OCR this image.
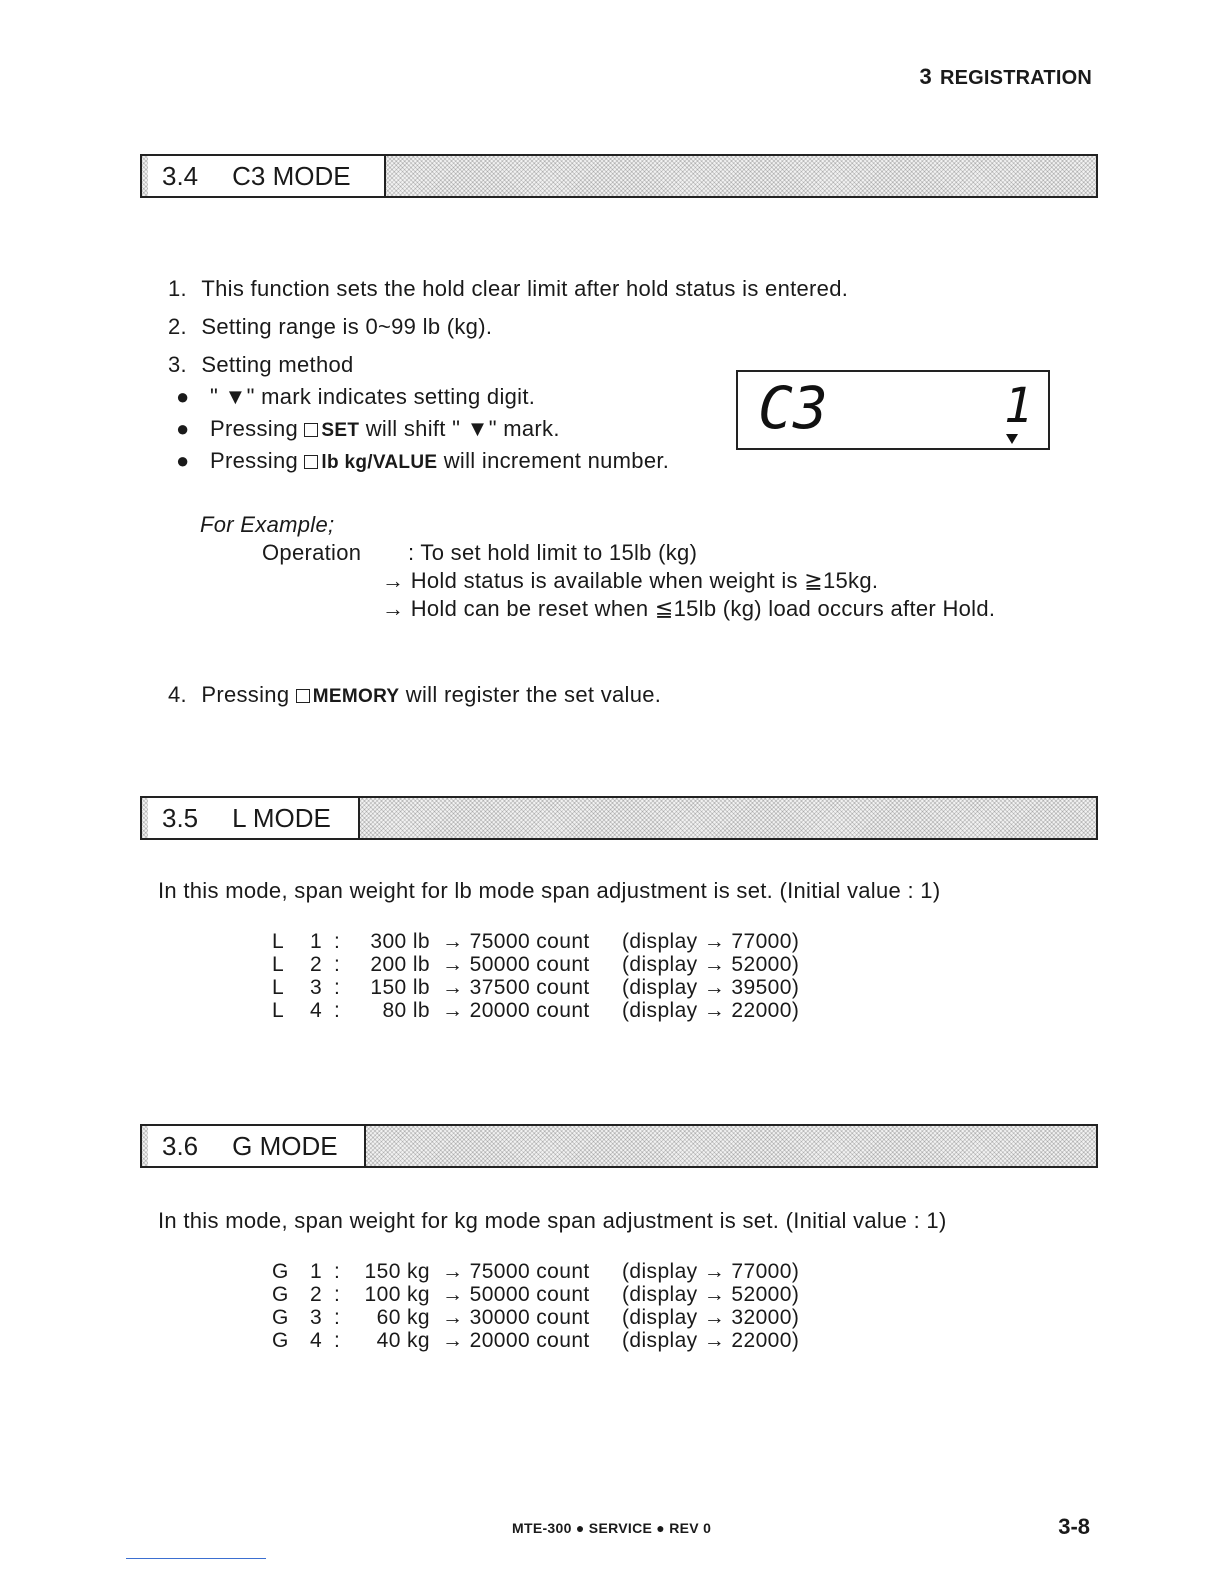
3 REGISTRATION
3.4 C3 MODE
1. This function sets the hold clear limit after hold status is entered.
2. Setting range is 0~99 lb (kg).
3. Setting method
● " ▼" mark indicates setting digit.
● Pressing SET will shift " ▼" mark.
● Pressing lb kg/VALUE will increment number.
C3	1
For Example;
Operation : To set hold limit to 15lb (kg)
→ Hold status is available when weight is ≧15kg.
→ Hold can be reset when ≦15lb (kg) load occurs after Hold.
4. Pressing MEMORY will register the set value.
3.5 L MODE
In this mode, span weight for lb mode span adjustment is set. (Initial value : 1)
L 1 :	300 lb → 75000 count (display → 77000)
L 2 :	200 lb → 50000 count (display → 52000)
L 3 :	150 lb → 37500 count (display → 39500)
L 4 :	80 lb → 20000 count (display → 22000)
3.6 G MODE
In this mode, span weight for kg mode span adjustment is set. (Initial value : 1)
G 1 :	150 kg → 75000 count (display → 77000)
G 2 :	100 kg → 50000 count (display → 52000)
G 3 :	60 kg → 30000 count (display → 32000)
G 4 :	40 kg → 20000 count (display → 22000)
MTE-300 ● SERVICE ● REV 0	3-8
